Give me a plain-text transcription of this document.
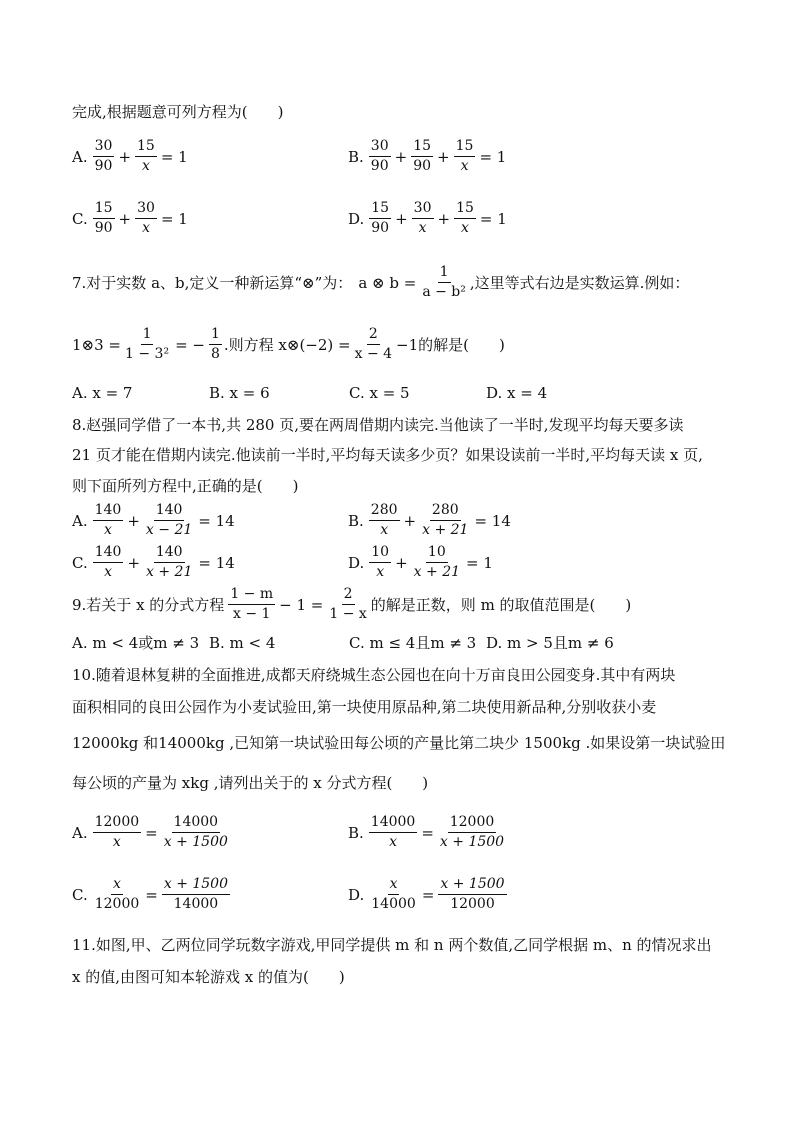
完成,根据题意可列方程为(　　)
A. $\frac{30}{90} + \frac{15}{x} = 1$	B. $\frac{30}{90} + \frac{15}{90} + \frac{15}{x} = 1$
C. $\frac{15}{90} + \frac{30}{x} = 1$	D. $\frac{15}{90} + \frac{30}{x} + \frac{15}{x} = 1$
7.对于实数 a、b,定义一种新运算“⊗”为： a ⊗ $b = \frac{1}{\text{a − b²}}$ ,这里等式右边是实数运算.例如：
1⊗3 = $\frac{1}{\text{1 − 3²}}$ = − $\frac{1}{8}$ .则方程 x⊗(−2) = $\frac{2}{x - 4} -1$的解是(　　)
A. x = 7	B. x = 6	C. x = 5	D. x = 4
8.赵强同学借了一本书,共 280 页,要在两周借期内读完.当他读了一半时,发现平均每天要多读
21 页才能在借期内读完.他读前一半时,平均每天读多少页？如果设读前一半时,平均每天读 x 页,
则下面所列方程中,正确的是(　　)
A. $\frac{140}{x} + \frac{140}{x - 21} = 14$	B. $\frac{280}{x} + \frac{280}{x + 21} = 14$
C. $\frac{140}{x} + \frac{140}{x + 21} = 14$	D. $\frac{10}{x} + \frac{10}{x + 21} = 1$
9.若关于 x 的分式方程 $\frac{1 - m}{x - 1} - 1 = \frac{2}{1 - x}$ 的解是正数，则 m 的取值范围是(　　)
A. m < 4或m ≠ 3 B. m < 4	C. m ≤ 4且m ≠ 3 D. m > 5且m ≠ 6
10.随着退林复耕的全面推进,成都天府绕城生态公园也在向十万亩良田公园变身.其中有两块
面积相同的良田公园作为小麦试验田,第一块使用原品种,第二块使用新品种,分别收获小麦
12000kg 和14000kg ,已知第一块试验田每公顷的产量比第二块少 1500kg .如果设第一块试验田
每公顷的产量为 xkg ,请列出关于的 x 分式方程(　　)
A. $\frac{12000}{x} = \frac{14000}{x + 1500}$	B. $\frac{14000}{x} = \frac{12000}{x + 1500}$
C. $\frac{x}{12000} = \frac{x + 1500}{14000}$	D. $\frac{x}{14000} = \frac{x + 1500}{12000}$
11.如图,甲、乙两位同学玩数字游戏,甲同学提供 m 和 n 两个数值,乙同学根据 m、n 的情况求出
x 的值,由图可知本轮游戏 x 的值为(　　)
